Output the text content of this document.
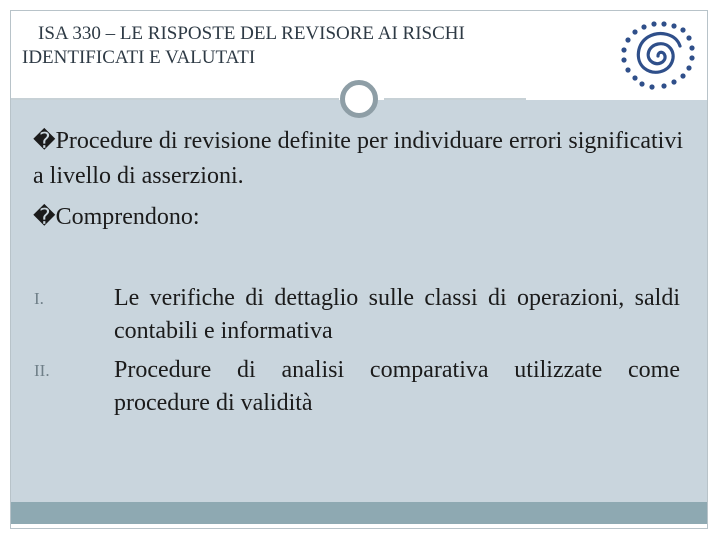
ISA 330 – LE RISPOSTE DEL REVISORE AI RISCHI
IDENTIFICATI E VALUTATI
�Procedure di revisione definite per individuare errori significativi a livello di asserzioni.
�Comprendono:
I.	Le verifiche di dettaglio sulle classi di operazioni, saldi contabili e informativa
II.	Procedure di analisi comparativa utilizzate come procedure di validità
